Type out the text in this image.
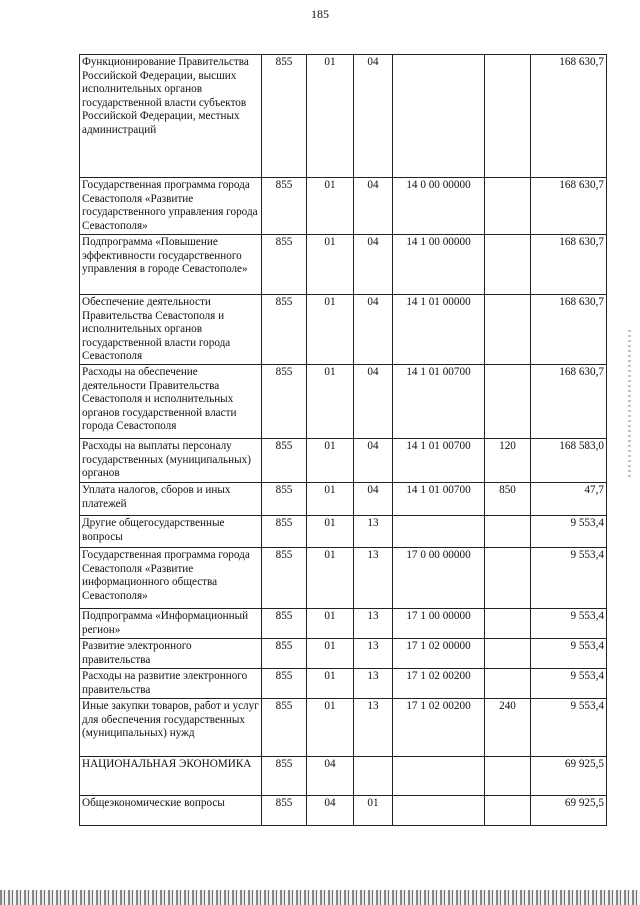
185
Функционирование Правительства Российской Федерации, высших исполнительных органов государственной власти субъектов Российской Федерации, местных администраций	855	01	04			168 630,7
Государственная программа города Севастополя «Развитие государственного управления города Севастополя»	855	01	04	14 0 00 00000		168 630,7
Подпрограмма «Повышение эффективности государственного управления в городе Севастополе»	855	01	04	14 1 00 00000		168 630,7
Обеспечение деятельности Правительства Севастополя и исполнительных органов государственной власти города Севастополя	855	01	04	14 1 01 00000		168 630,7
Расходы на обеспечение деятельности Правительства Севастополя и исполнительных органов государственной власти города Севастополя	855	01	04	14 1 01 00700		168 630,7
Расходы на выплаты персоналу государственных (муниципальных) органов	855	01	04	14 1 01 00700	120	168 583,0
Уплата налогов, сборов и иных платежей	855	01	04	14 1 01 00700	850	47,7
Другие общегосударственные вопросы	855	01	13			9 553,4
Государственная программа города Севастополя «Развитие информационного общества Севастополя»	855	01	13	17 0 00 00000		9 553,4
Подпрограмма «Информационный регион»	855	01	13	17 1 00 00000		9 553,4
Развитие электронного правительства	855	01	13	17 1 02 00000		9 553,4
Расходы на развитие электронного правительства	855	01	13	17 1 02 00200		9 553,4
Иные закупки товаров, работ и услуг для обеспечения государственных (муниципальных) нужд	855	01	13	17 1 02 00200	240	9 553,4
НАЦИОНАЛЬНАЯ ЭКОНОМИКА	855	04				69 925,5
Общеэкономические вопросы	855	04	01			69 925,5
